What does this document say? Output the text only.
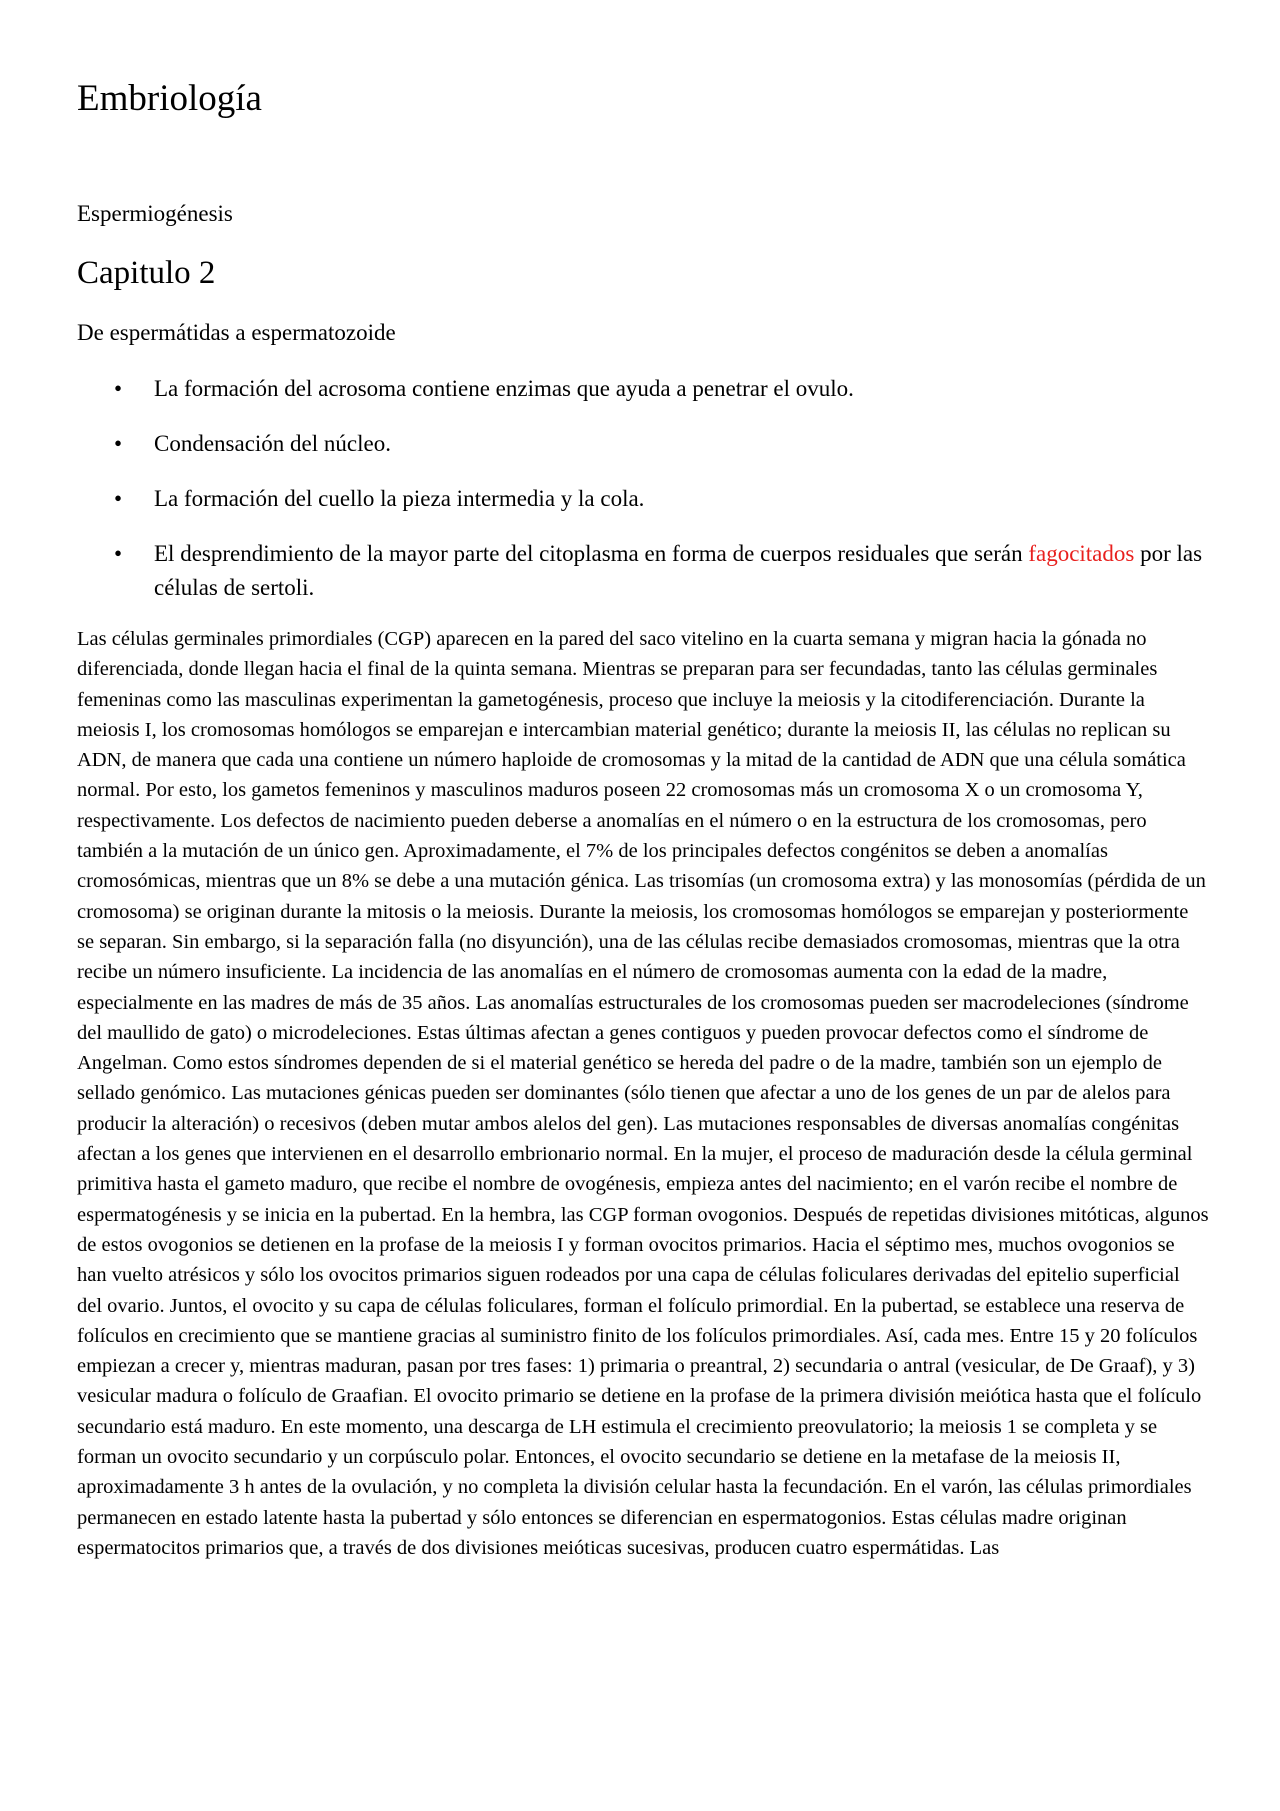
Embriología

Espermiogénesis

Capitulo 2

De espermátidas a espermatozoide

• La formación del acrosoma contiene enzimas que ayuda a penetrar el ovulo.
• Condensación del núcleo.
• La formación del cuello la pieza intermedia y la cola.
• El desprendimiento de la mayor parte del citoplasma en forma de cuerpos residuales que serán fagocitados por las células de sertoli.

Las células germinales primordiales (CGP) aparecen en la pared del saco vitelino en la cuarta semana y migran hacia la gónada no diferenciada, donde llegan hacia el final de la quinta semana. Mientras se preparan para ser fecundadas, tanto las células germinales femeninas como las masculinas experimentan la gametogénesis, proceso que incluye la meiosis y la citodiferenciación. Durante la meiosis I, los cromosomas homólogos se emparejan e intercambian material genético; durante la meiosis II, las células no replican su ADN, de manera que cada una contiene un número haploide de cromosomas y la mitad de la cantidad de ADN que una célula somática normal. Por esto, los gametos femeninos y masculinos maduros poseen 22 cromosomas más un cromosoma X o un cromosoma Y, respectivamente. Los defectos de nacimiento pueden deberse a anomalías en el número o en la estructura de los cromosomas, pero también a la mutación de un único gen. Aproximadamente, el 7% de los principales defectos congénitos se deben a anomalías cromosómicas, mientras que un 8% se debe a una mutación génica. Las trisomías (un cromosoma extra) y las monosomías (pérdida de un cromosoma) se originan durante la mitosis o la meiosis. Durante la meiosis, los cromosomas homólogos se emparejan y posteriormente se separan. Sin embargo, si la separación falla (no disyunción), una de las células recibe demasiados cromosomas, mientras que la otra recibe un número insuficiente. La incidencia de las anomalías en el número de cromosomas aumenta con la edad de la madre, especialmente en las madres de más de 35 años. Las anomalías estructurales de los cromosomas pueden ser macrodeleciones (síndrome del maullido de gato) o microdeleciones. Estas últimas afectan a genes contiguos y pueden provocar defectos como el síndrome de Angelman. Como estos síndromes dependen de si el material genético se hereda del padre o de la madre, también son un ejemplo de sellado genómico. Las mutaciones génicas pueden ser dominantes (sólo tienen que afectar a uno de los genes de un par de alelos para producir la alteración) o recesivos (deben mutar ambos alelos del gen). Las mutaciones responsables de diversas anomalías congénitas afectan a los genes que intervienen en el desarrollo embrionario normal. En la mujer, el proceso de maduración desde la célula germinal primitiva hasta el gameto maduro, que recibe el nombre de ovogénesis, empieza antes del nacimiento; en el varón recibe el nombre de espermatogénesis y se inicia en la pubertad. En la hembra, las CGP forman ovogonios. Después de repetidas divisiones mitóticas, algunos de estos ovogonios se detienen en la profase de la meiosis I y forman ovocitos primarios. Hacia el séptimo mes, muchos ovogonios se han vuelto atrésicos y sólo los ovocitos primarios siguen rodeados por una capa de células foliculares derivadas del epitelio superficial del ovario. Juntos, el ovocito y su capa de células foliculares, forman el folículo primordial. En la pubertad, se establece una reserva de folículos en crecimiento que se mantiene gracias al suministro finito de los folículos primordiales. Así, cada mes. Entre 15 y 20 folículos empiezan a crecer y, mientras maduran, pasan por tres fases: 1) primaria o preantral, 2) secundaria o antral (vesicular, de De Graaf), y 3) vesicular madura o folículo de Graafian. El ovocito primario se detiene en la profase de la primera división meiótica hasta que el folículo secundario está maduro. En este momento, una descarga de LH estimula el crecimiento preovulatorio; la meiosis 1 se completa y se forman un ovocito secundario y un corpúsculo polar. Entonces, el ovocito secundario se detiene en la metafase de la meiosis II, aproximadamente 3 h antes de la ovulación, y no completa la división celular hasta la fecundación. En el varón, las células primordiales permanecen en estado latente hasta la pubertad y sólo entonces se diferencian en espermatogonios. Estas células madre originan espermatocitos primarios que, a través de dos divisiones meióticas sucesivas, producen cuatro espermátidas. Las
